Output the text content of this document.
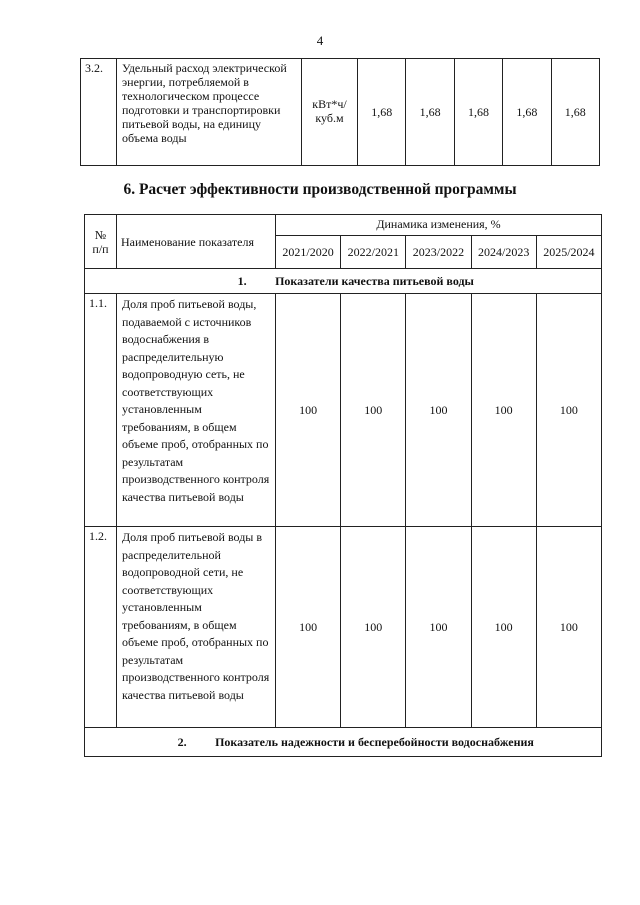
4
3.2.	Удельный расход электрической энергии, потребляемой в технологическом процессе подготовки и транспортировки питьевой воды, на единицу объема воды	кВт*ч/куб.м	1,68	1,68	1,68	1,68	1,68
6. Расчет эффективности производственной программы
№ п/п	Наименование показателя	Динамика изменения, %				
		2021/2020	2022/2021	2023/2022	2024/2023	2025/2024
1. Показатели качества питьевой воды						
1.1.	Доля проб питьевой воды, подаваемой с источников водоснабжения в распределительную водопроводную сеть, не соответствующих установленным требованиям, в общем объеме проб, отобранных по результатам производственного контроля качества питьевой воды	100	100	100	100	100
1.2.	Доля проб питьевой воды в распределительной водопроводной сети, не соответствующих установленным требованиям, в общем объеме проб, отобранных по результатам производственного контроля качества питьевой воды	100	100	100	100	100
2. Показатель надежности и бесперебойности водоснабжения						
